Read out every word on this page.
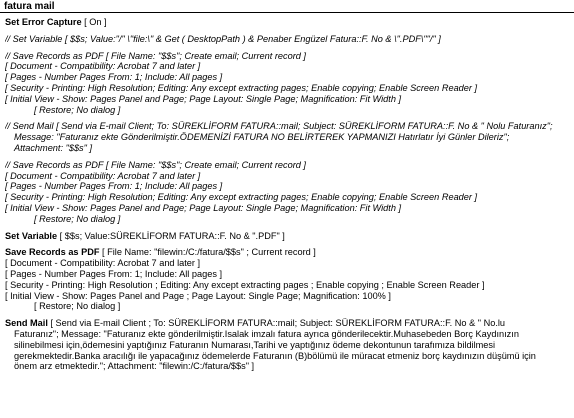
fatura mail
Set Error Capture [ On ]
// Set Variable [ $$s; Value:"/" \"file:\" & Get ( DesktopPath ) & Penaber Engüzel Fatura::F. No & \".PDF\""/" ]
// Save Records as PDF [ File Name: "$$s"; Create email; Current record ]
[ Document - Compatibility: Acrobat 7 and later ]
[ Pages - Number Pages From: 1; Include: All pages ]
[ Security - Printing: High Resolution; Editing: Any except extracting pages; Enable copying; Enable Screen Reader ]
[ Initial View - Show: Pages Panel and Page; Page Layout: Single Page; Magnification: Fit Width ]
[ Restore; No dialog ]
// Send Mail [ Send via E-mail Client; To: SÜREKLİFORM FATURA::mail; Subject: SÜREKLİFORM FATURA::F. No & " Nolu Faturanız";
Message: "Faturanız ekte Gönderilmiştir.ÖDEMENİZİ FATURA NO BELİRTEREK YAPMANIZI Hatırlatır İyi Günler Dileriz";
Attachment: "$$s" ]
// Save Records as PDF [ File Name: "$$s"; Create email; Current record ]
[ Document - Compatibility: Acrobat 7 and later ]
[ Pages - Number Pages From: 1; Include: All pages ]
[ Security - Printing: High Resolution; Editing: Any except extracting pages; Enable copying; Enable Screen Reader ]
[ Initial View - Show: Pages Panel and Page; Page Layout: Single Page; Magnification: Fit Width ]
[ Restore; No dialog ]
Set Variable [ $$s; Value:SÜREKLİFORM FATURA::F. No & ".PDF" ]
Save Records as PDF [ File Name: "filewin:/C:/fatura/$$s" ; Current record ]
[ Document - Compatibility: Acrobat 7 and later ]
[ Pages - Number Pages From: 1; Include: All pages ]
[ Security - Printing: High Resolution ; Editing: Any except extracting pages ; Enable copying ; Enable Screen Reader ]
[ Initial View - Show: Pages Panel and Page ; Page Layout: Single Page; Magnification: 100% ]
[ Restore; No dialog ]
Send Mail [ Send via E-mail Client ; To: SÜREKLİFORM FATURA::mail; Subject: SÜREKLİFORM FATURA::F. No & " No.lu
Faturanız"; Message: "Faturanız ekte gönderilmiştir.Isalak imzalı fatura ayrıca gönderilecektir.Muhasebeden Borç Kaydınızın
silinebilmesi için,ödemesini yaptığınız Faturanın Numarası,Tarihi ve yaptığınız ödeme dekontunun tarafımıza bildilmesi
gerekmektedir.Banka aracılığı ile yapacağınız ödemelerde Faturanın (B)bölümü ile müracat etmeniz borç kaydınızın düşümü için
önem arz etmektedir."; Attachment: "filewin:/C:/fatura/$$s" ]
